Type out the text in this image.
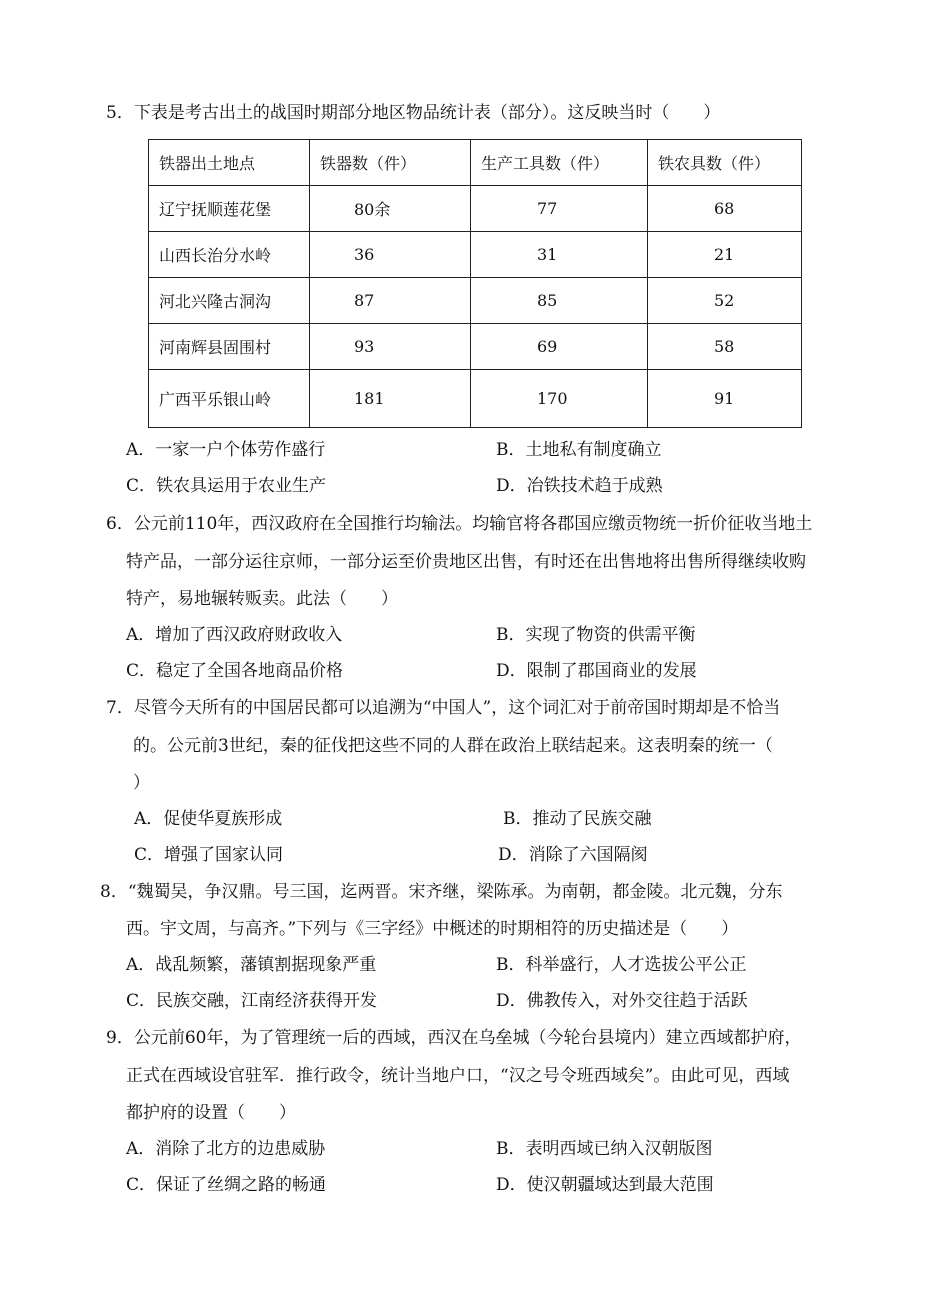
5．下表是考古出土的战国时期部分地区物品统计表（部分）。这反映当时（　　）
铁器出土地点	铁器数（件）	生产工具数（件）	铁农具数（件）
辽宁抚顺莲花堡	80余	77	68
山西长治分水岭	36	31	21
河北兴隆古洞沟	87	85	52
河南辉县固围村	93	69	58
广西平乐银山岭	181	170	91
A．一家一户个体劳作盛行	B．土地私有制度确立
C．铁农具运用于农业生产	D．冶铁技术趋于成熟
6．公元前110年，西汉政府在全国推行均输法。均输官将各郡国应缴贡物统一折价征收当地土
特产品，一部分运往京师，一部分运至价贵地区出售，有时还在出售地将出售所得继续收购
特产，易地辗转贩卖。此法（　　）
A．增加了西汉政府财政收入	B．实现了物资的供需平衡
C．稳定了全国各地商品价格	D．限制了郡国商业的发展
7．尽管今天所有的中国居民都可以追溯为“中国人”，这个词汇对于前帝国时期却是不恰当
的。公元前3世纪，秦的征伐把这些不同的人群在政治上联结起来。这表明秦的统一（
）
A．促使华夏族形成	B．推动了民族交融
C．增强了国家认同	D．消除了六国隔阂
8．“魏蜀吴，争汉鼎。号三国，迄两晋。宋齐继，梁陈承。为南朝，都金陵。北元魏，分东
西。宇文周，与高齐。”下列与《三字经》中概述的时期相符的历史描述是（　　）
A．战乱频繁，藩镇割据现象严重	B．科举盛行，人才选拔公平公正
C．民族交融，江南经济获得开发	D．佛教传入，对外交往趋于活跃
9．公元前60年，为了管理统一后的西域，西汉在乌垒城（今轮台县境内）建立西域都护府，
正式在西域设官驻军．推行政令，统计当地户口，“汉之号令班西域矣”。由此可见，西域
都护府的设置（　　）
A．消除了北方的边患威胁	B．表明西域已纳入汉朝版图
C．保证了丝绸之路的畅通	D．使汉朝疆域达到最大范围
